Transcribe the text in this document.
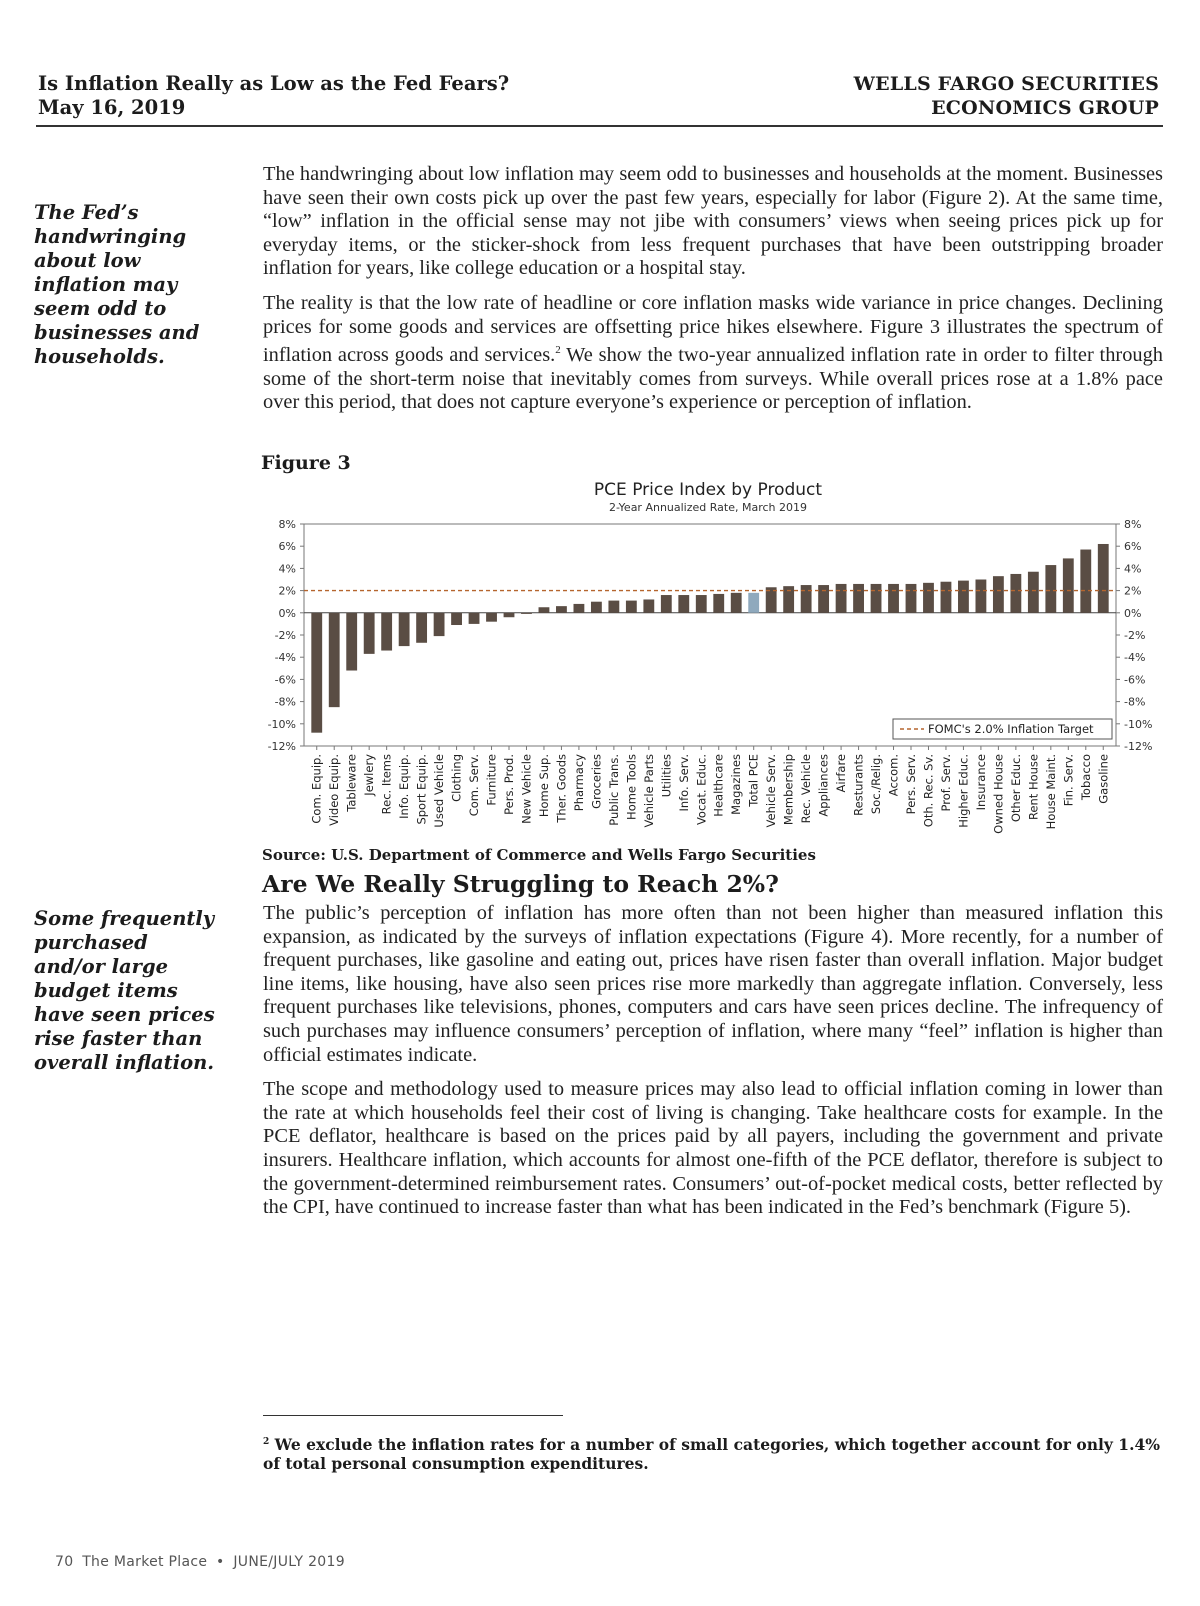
Is Inflation Really as Low as the Fed Fears?
May 16, 2019
WELLS FARGO SECURITIES
ECONOMICS GROUP
The Fed’s handwringing about low inflation may seem odd to businesses and households.
Some frequently purchased and/or large budget items have seen prices rise faster than overall inflation.

The handwringing about low inflation may seem odd to businesses and households at the moment. Businesses have seen their own costs pick up over the past few years, especially for labor (Figure 2). At the same time, “low” inflation in the official sense may not jibe with consumers’ views when seeing prices pick up for everyday items, or the sticker-shock from less frequent purchases that have been outstripping broader inflation for years, like college education or a hospital stay.

The reality is that the low rate of headline or core inflation masks wide variance in price changes. Declining prices for some goods and services are offsetting price hikes elsewhere. Figure 3 illustrates the spectrum of inflation across goods and services.$^2$ We show the two-year annualized inflation rate in order to filter through some of the short-term noise that inevitably comes from surveys. While overall prices rose at a 1.8% pace over this period, that does not capture everyone’s experience or perception of inflation.

Figure 3
PCE Price Index by Product
2-Year Annualized Rate, March 2019
8%
6%
4%
2%
0%
-2%
-4%
-6%
-8%
-10%
-12%
8%
6%
4%
2%
0%
-2%
-4%
-6%
-8%
-10%
-12%
Com. Equip. Video Equip. Tableware Jewlery Rec. Items Info. Equip. Sport Equip. Used Vehicle Clothing Com. Serv. Furniture Pers. Prod. New Vehicle Home Sup. Ther. Goods Pharmacy Groceries Public Trans. Home Tools Vehicle Parts Utilities Info. Serv. Vocat. Educ. Healthcare Magazines Total PCE Vehicle Serv. Membership Rec. Vehicle Appliances Airfare Resturants Soc./Relig. Accom. Pers. Serv. Oth. Rec. Sv. Prof. Serv. Higher Educ. Insurance Owned House Other Educ. Rent House House Maint. Fin. Serv. Tobacco Gasoline
FOMC's 2.0% Inflation Target
Source: U.S. Department of Commerce and Wells Fargo Securities
Are We Really Struggling to Reach 2%?

The public’s perception of inflation has more often than not been higher than measured inflation this expansion, as indicated by the surveys of inflation expectations (Figure 4). More recently, for a number of frequent purchases, like gasoline and eating out, prices have risen faster than overall inflation. Major budget line items, like housing, have also seen prices rise more markedly than aggregate inflation. Conversely, less frequent purchases like televisions, phones, computers and cars have seen prices decline. The infrequency of such purchases may influence consumers’ perception of inflation, where many “feel” inflation is higher than official estimates indicate.

The scope and methodology used to measure prices may also lead to official inflation coming in lower than the rate at which households feel their cost of living is changing. Take healthcare costs for example. In the PCE deflator, healthcare is based on the prices paid by all payers, including the government and private insurers. Healthcare inflation, which accounts for almost one-fifth of the PCE deflator, therefore is subject to the government-determined reimbursement rates. Consumers’ out-of-pocket medical costs, better reflected by the CPI, have continued to increase faster than what has been indicated in the Fed’s benchmark (Figure 5).

$^2$ We exclude the inflation rates for a number of small categories, which together account for only 1.4% of total personal consumption expenditures.
70 The Market Place • JUNE/JULY 2019
